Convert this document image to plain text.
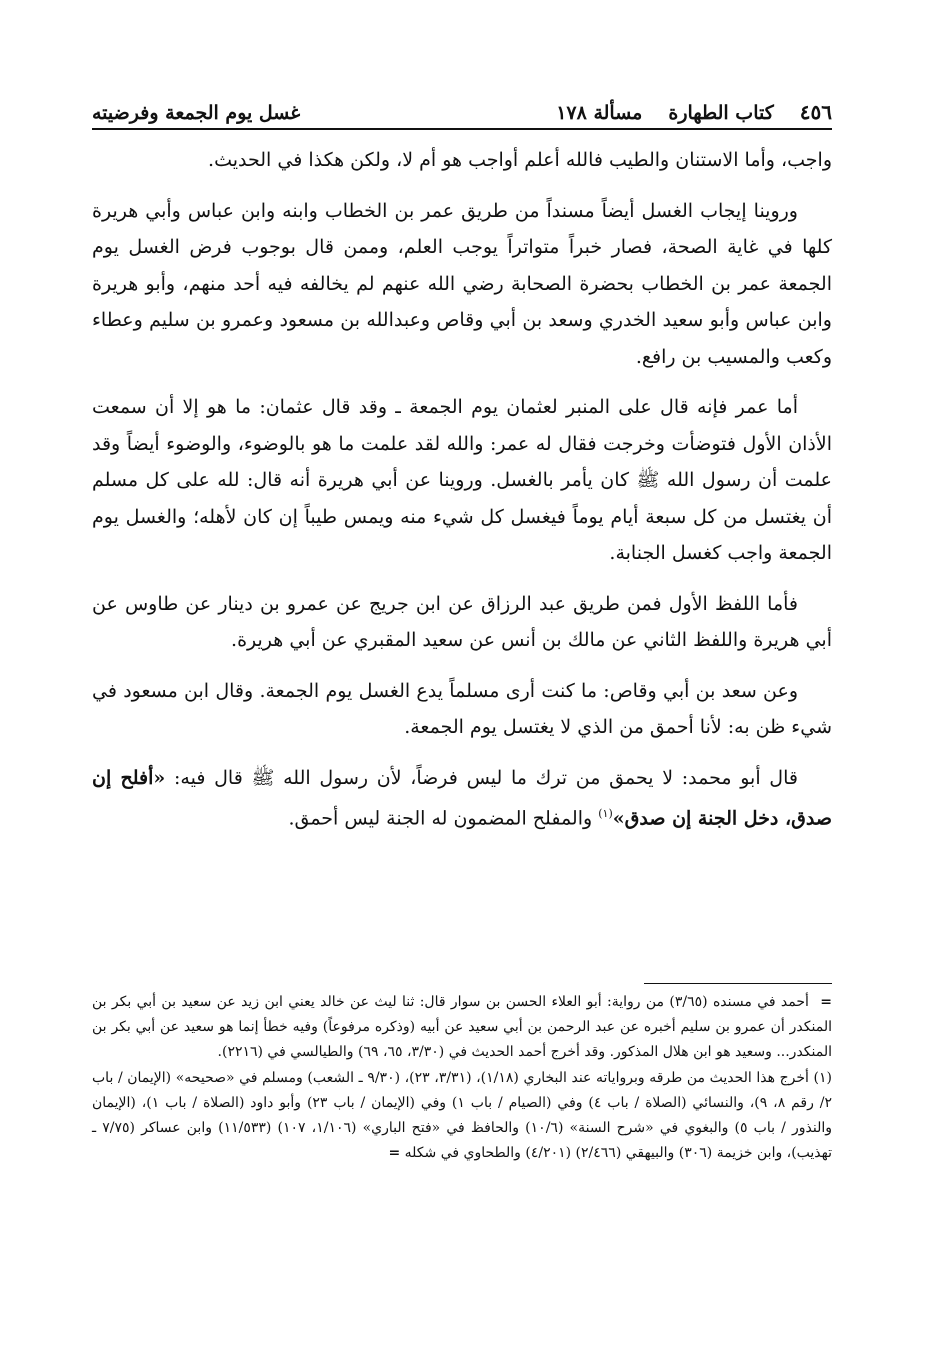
٤٥٦
كتاب الطهارة
مسألة ١٧٨
غسل يوم الجمعة وفرضيته

واجب، وأما الاستنان والطيب فالله أعلم أواجب هو أم لا، ولكن هكذا في الحديث.

وروينا إيجاب الغسل أيضاً مسنداً من طريق عمر بن الخطاب وابنه وابن عباس وأبي هريرة كلها في غاية الصحة، فصار خبراً متواتراً يوجب العلم، وممن قال بوجوب فرض الغسل يوم الجمعة عمر بن الخطاب بحضرة الصحابة رضي الله عنهم لم يخالفه فيه أحد منهم، وأبو هريرة وابن عباس وأبو سعيد الخدري وسعد بن أبي وقاص وعبدالله بن مسعود وعمرو بن سليم وعطاء وكعب والمسيب بن رافع.

أما عمر فإنه قال على المنبر لعثمان يوم الجمعة ـ وقد قال عثمان: ما هو إلا أن سمعت الأذان الأول فتوضأت وخرجت فقال له عمر: والله لقد علمت ما هو بالوضوء، والوضوء أيضاً وقد علمت أن رسول الله ﷺ كان يأمر بالغسل. وروينا عن أبي هريرة أنه قال: لله على كل مسلم أن يغتسل من كل سبعة أيام يوماً فيغسل كل شيء منه ويمس طيباً إن كان لأهله؛ والغسل يوم الجمعة واجب كغسل الجنابة.

فأما اللفظ الأول فمن طريق عبد الرزاق عن ابن جريج عن عمرو بن دينار عن طاوس عن أبي هريرة واللفظ الثاني عن مالك بن أنس عن سعيد المقبري عن أبي هريرة.

وعن سعد بن أبي وقاص: ما كنت أرى مسلماً يدع الغسل يوم الجمعة. وقال ابن مسعود في شيء ظن به: لأنا أحمق من الذي لا يغتسل يوم الجمعة.

قال أبو محمد: لا يحمق من ترك ما ليس فرضاً، لأن رسول الله ﷺ قال فيه: «أفلح إن صدق، دخل الجنة إن صدق»$^{(١)}$ والمفلح المضمون له الجنة ليس أحمق.

= أحمد في مسنده (٣/٦٥) من رواية: أبو العلاء الحسن بن سوار قال: ثنا ليث عن خالد يعني ابن زيد عن سعيد بن أبي بكر بن المنكدر أن عمرو بن سليم أخبره عن عبد الرحمن بن أبي سعيد عن أبيه (وذكره مرفوعاً) وفيه خطأ إنما هو سعيد عن أبي بكر بن المنكدر... وسعيد هو ابن هلال المذكور. وقد أخرج أحمد الحديث في (٣/٣٠، ٦٥، ٦٩) والطيالسي في (٢٢١٦).

(١) أخرج هذا الحديث من طرقه وبرواياته عند البخاري (١/١٨)، (٣/٣١، ٢٣)، (٩/٣٠ ـ الشعب) ومسلم في «صحيحه» (الإيمان / باب ٢/ رقم ٨، ٩)، والنسائي (الصلاة / باب ٤) وفي (الصيام / باب ١) وفي (الإيمان / باب ٢٣) وأبو داود (الصلاة / باب ١)، (الإيمان والنذور / باب ٥) والبغوي في «شرح السنة» (١٠/٦) والحافظ في «فتح الباري» (١/١٠٦، ١٠٧) (١١/٥٣٣) وابن عساكر (٧/٧٥ ـ تهذيب)، وابن خزيمة (٣٠٦) والبيهقي (٢/٤٦٦) (٤/٢٠١) والطحاوي في شكله =
